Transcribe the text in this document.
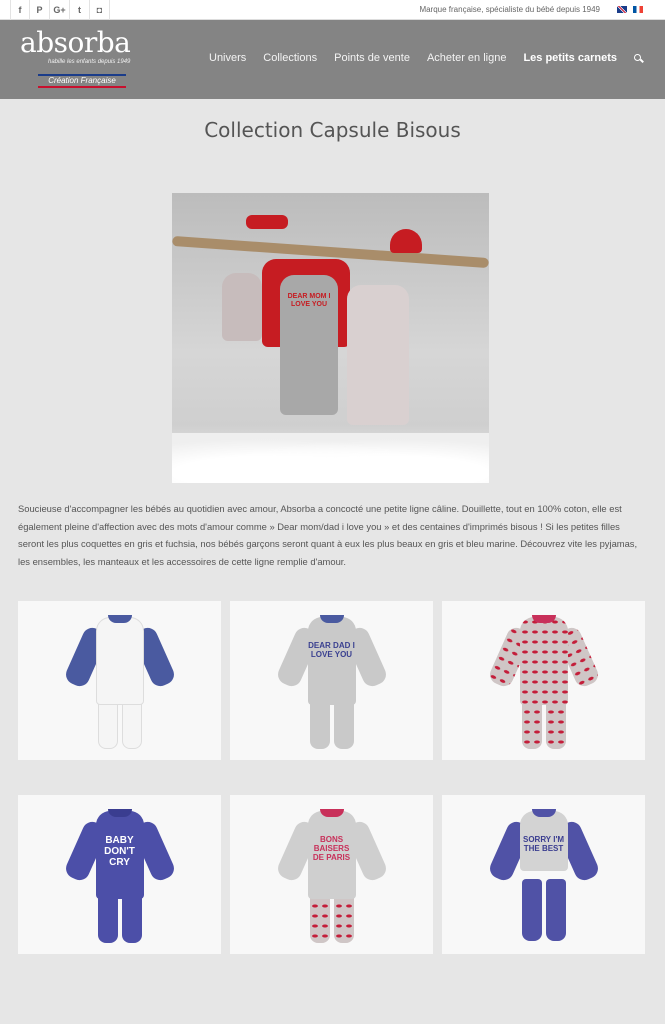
f	P	G+	t	◘	Marque française, spécialiste du bébé depuis 1949
absorba
habille les enfants depuis 1949
Création Française
Univers Collections Points de vente Acheter en ligne Les petits carnets
Collection Capsule Bisous
DEAR MOM I LOVE YOU

Soucieuse d'accompagner les bébés au quotidien avec amour, Absorba a concocté une petite ligne câline. Douillette, tout en 100% coton, elle est également pleine d'affection avec des mots d'amour comme » Dear mom/dad i love you » et des centaines d'imprimés bisous ! Si les petites filles seront les plus coquettes en gris et fuchsia, nos bébés garçons seront quant à eux les plus beaux en gris et bleu marine. Découvrez vite les pyjamas, les ensembles, les manteaux et les accessoires de cette ligne remplie d'amour.

DEAR DAD I LOVE YOU
BABY DON'T CRY
BONS BAISERS DE PARIS
SORRY I'M THE BEST
